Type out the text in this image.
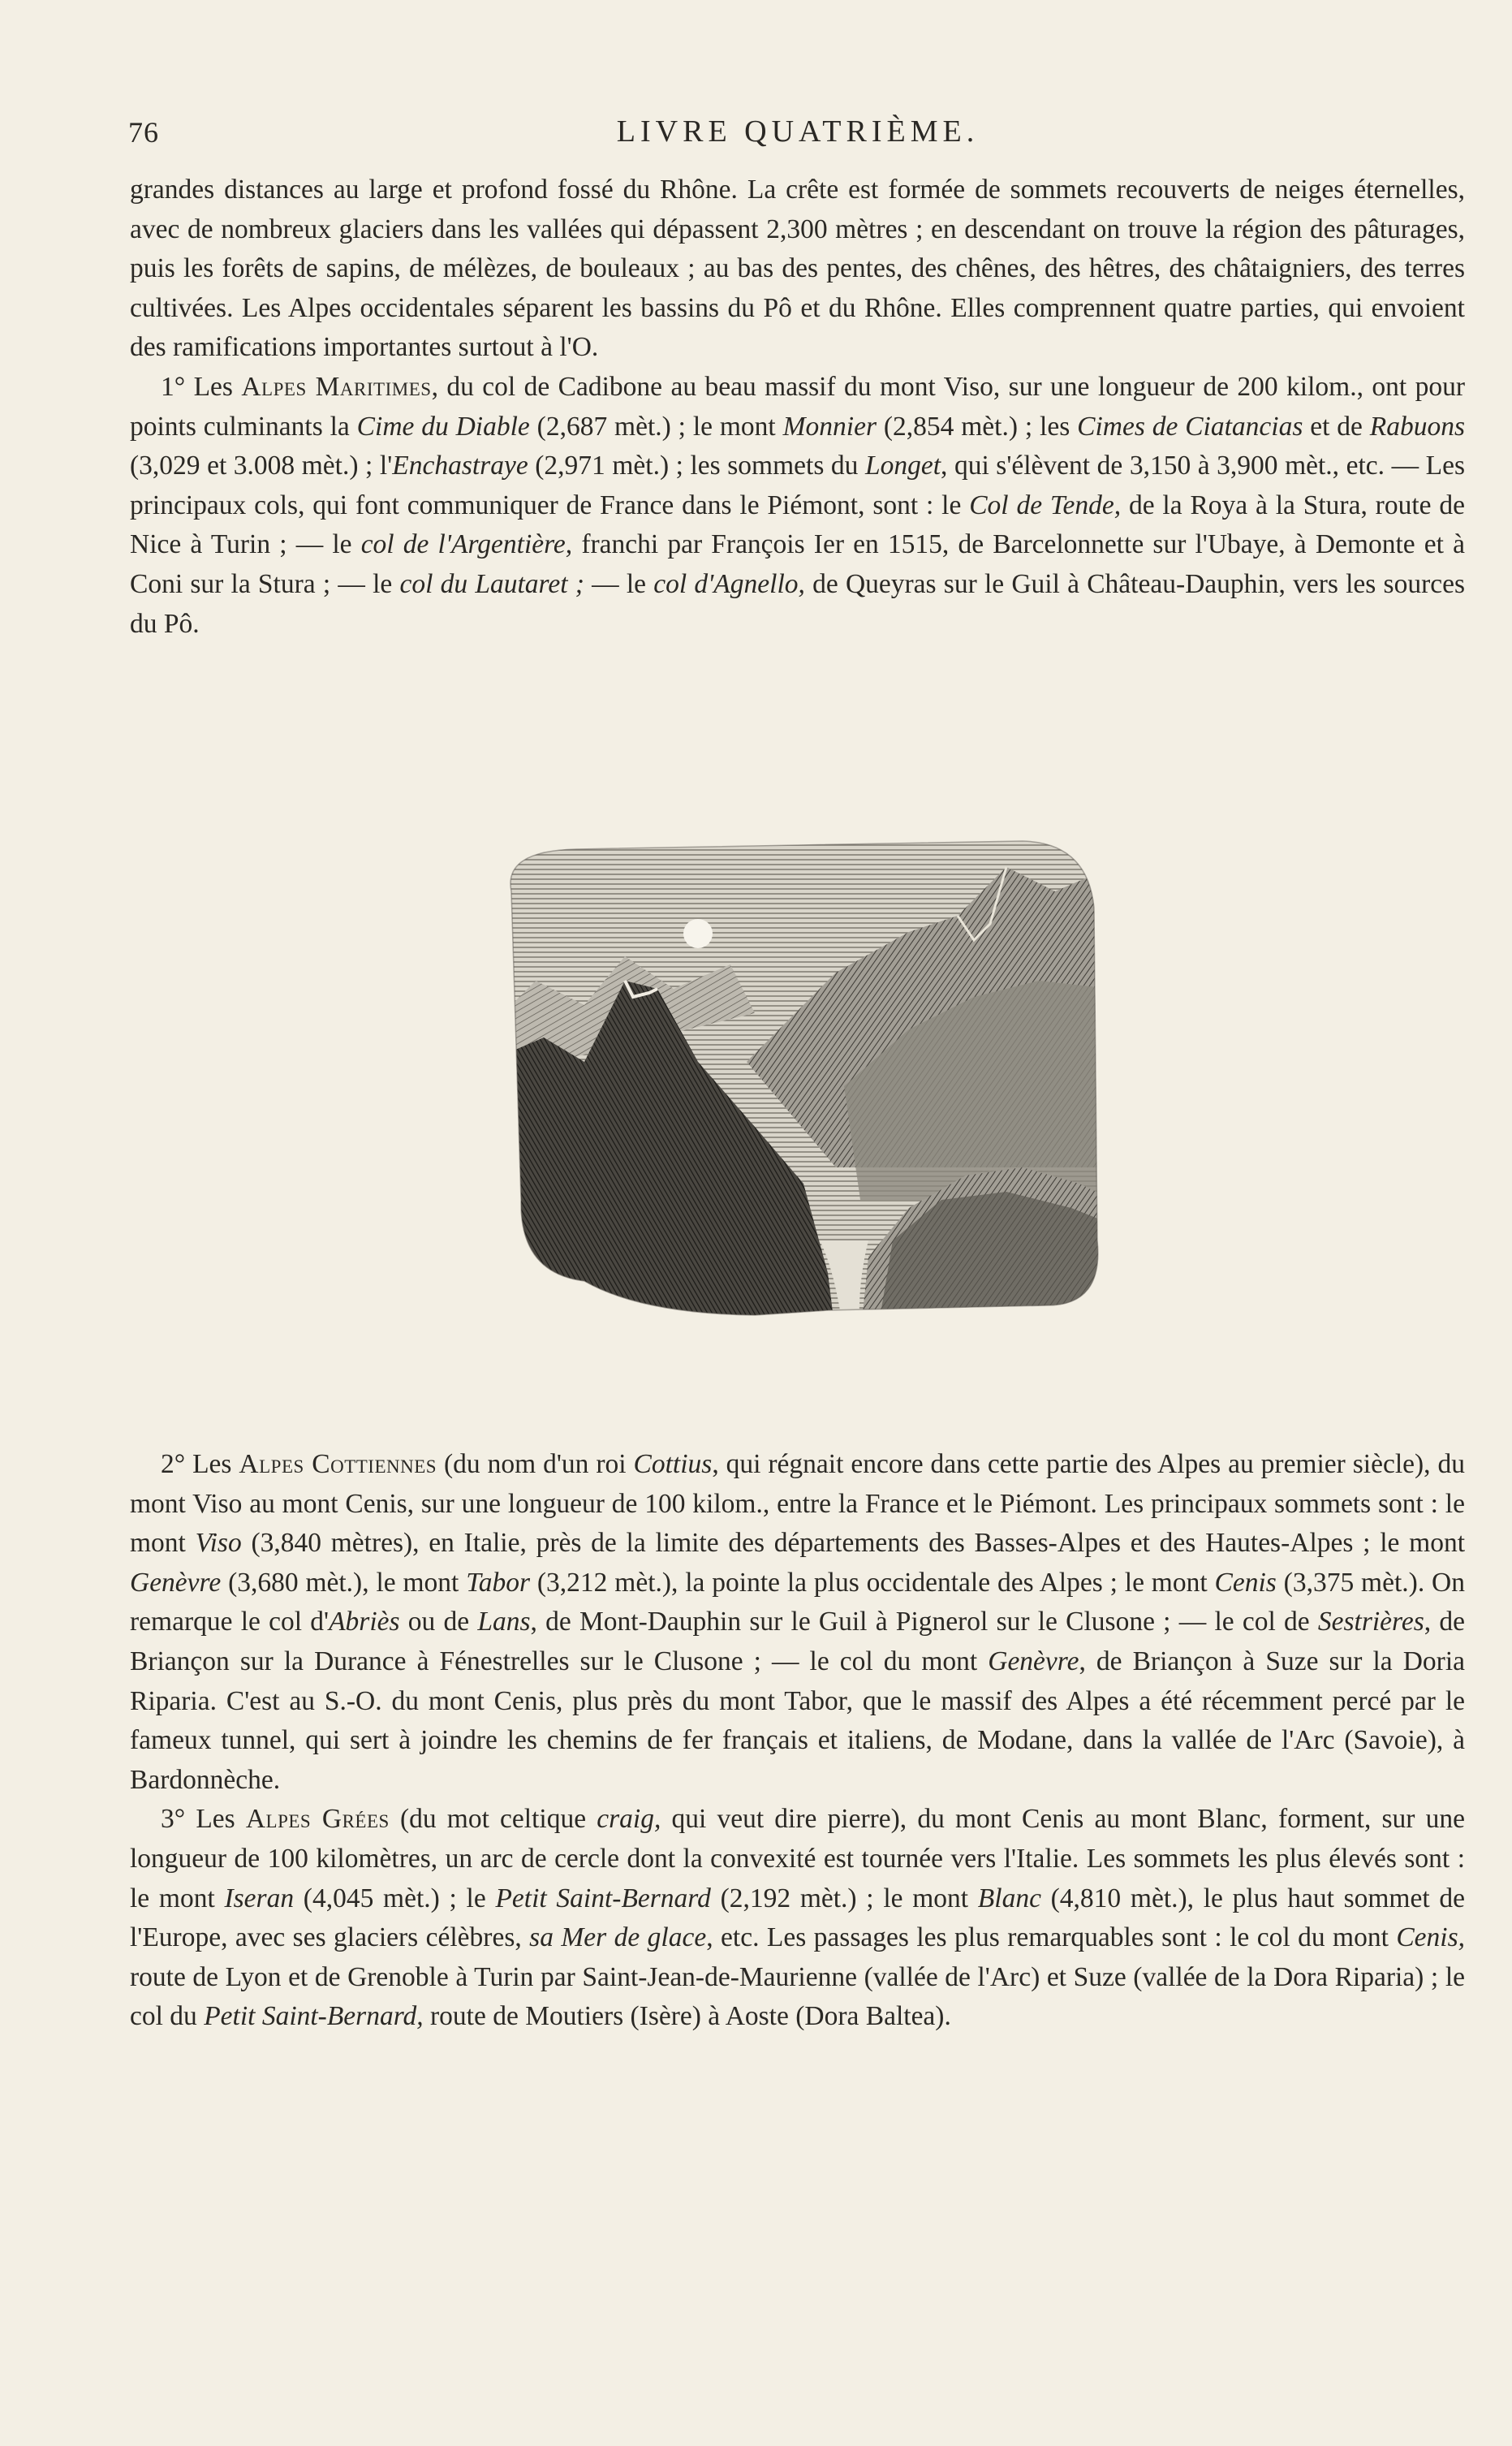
76	LIVRE QUATRIÈME.

grandes distances au large et profond fossé du Rhône. La crête est formée de sommets recouverts de neiges éternelles, avec de nombreux glaciers dans les vallées qui dépassent 2,300 mètres ; en descendant on trouve la région des pâturages, puis les forêts de sapins, de mélèzes, de bouleaux ; au bas des pentes, des chênes, des hêtres, des châtaigniers, des terres cultivées. Les Alpes occidentales séparent les bassins du Pô et du Rhône. Elles comprennent quatre parties, qui envoient des ramifications importantes surtout à l'O.

1° Les Alpes Maritimes, du col de Cadibone au beau massif du mont Viso, sur une longueur de 200 kilom., ont pour points culminants la Cime du Diable (2,687 mèt.) ; le mont Monnier (2,854 mèt.) ; les Cimes de Ciatancias et de Rabuons (3,029 et 3.008 mèt.) ; l'Enchastraye (2,971 mèt.) ; les sommets du Longet, qui s'élèvent de 3,150 à 3,900 mèt., etc. — Les principaux cols, qui font communiquer de France dans le Piémont, sont : le Col de Tende, de la Roya à la Stura, route de Nice à Turin ; — le col de l'Argentière, franchi par François Ier en 1515, de Barcelonnette sur l'Ubaye, à Demonte et à Coni sur la Stura ; — le col du Lautaret ; — le col d'Agnello, de Queyras sur le Guil à Château-Dauphin, vers les sources du Pô.

2° Les Alpes Cottiennes (du nom d'un roi Cottius, qui régnait encore dans cette partie des Alpes au premier siècle), du mont Viso au mont Cenis, sur une longueur de 100 kilom., entre la France et le Piémont. Les principaux sommets sont : le mont Viso (3,840 mètres), en Italie, près de la limite des départements des Basses-Alpes et des Hautes-Alpes ; le mont Genèvre (3,680 mèt.), le mont Tabor (3,212 mèt.), la pointe la plus occidentale des Alpes ; le mont Cenis (3,375 mèt.). On remarque le col d'Abriès ou de Lans, de Mont-Dauphin sur le Guil à Pignerol sur le Clusone ; — le col de Sestrières, de Briançon sur la Durance à Fénestrelles sur le Clusone ; — le col du mont Genèvre, de Briançon à Suze sur la Doria Riparia. C'est au S.-O. du mont Cenis, plus près du mont Tabor, que le massif des Alpes a été récemment percé par le fameux tunnel, qui sert à joindre les chemins de fer français et italiens, de Modane, dans la vallée de l'Arc (Savoie), à Bardonnèche.

3° Les Alpes Grées (du mot celtique craig, qui veut dire pierre), du mont Cenis au mont Blanc, forment, sur une longueur de 100 kilomètres, un arc de cercle dont la convexité est tournée vers l'Italie. Les sommets les plus élevés sont : le mont Iseran (4,045 mèt.) ; le Petit Saint-Bernard (2,192 mèt.) ; le mont Blanc (4,810 mèt.), le plus haut sommet de l'Europe, avec ses glaciers célèbres, sa Mer de glace, etc. Les passages les plus remarquables sont : le col du mont Cenis, route de Lyon et de Grenoble à Turin par Saint-Jean-de-Maurienne (vallée de l'Arc) et Suze (vallée de la Dora Riparia) ; le col du Petit Saint-Bernard, route de Moutiers (Isère) à Aoste (Dora Baltea).
